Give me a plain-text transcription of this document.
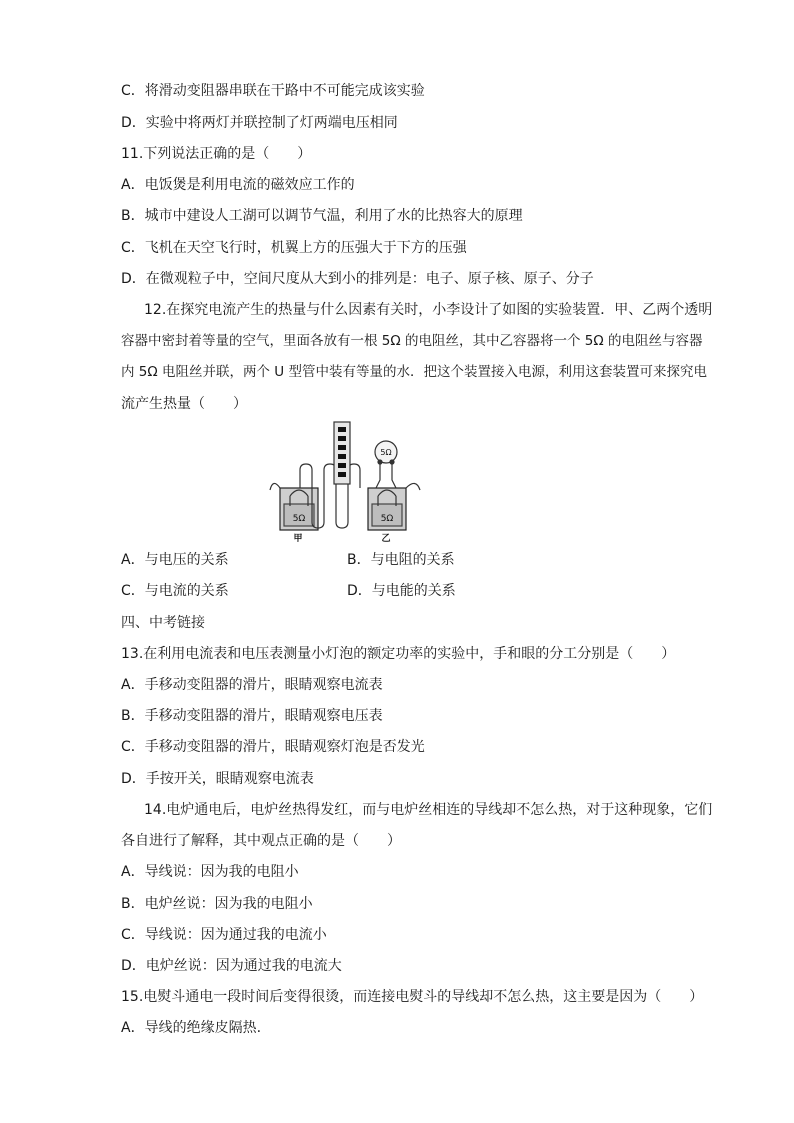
C．将滑动变阻器串联在干路中不可能完成该实验
D．实验中将两灯并联控制了灯两端电压相同
11.下列说法正确的是（　　）
A．电饭煲是利用电流的磁效应工作的
B．城市中建设人工湖可以调节气温，利用了水的比热容大的原理
C．飞机在天空飞行时，机翼上方的压强大于下方的压强
D．在微观粒子中，空间尺度从大到小的排列是：电子、原子核、原子、分子
12.在探究电流产生的热量与什么因素有关时，小李设计了如图的实验装置．甲、乙两个透明
容器中密封着等量的空气，里面各放有一根 5Ω 的电阻丝，其中乙容器将一个 5Ω 的电阻丝与容器
内 5Ω 电阻丝并联，两个 U 型管中装有等量的水．把这个装置接入电源，利用这套装置可来探究电
流产生热量（　　）
5Ω	5Ω
5Ω
甲	乙
A．与电压的关系	B．与电阻的关系
C．与电流的关系	D．与电能的关系
四、中考链接
13.在利用电流表和电压表测量小灯泡的额定功率的实验中，手和眼的分工分别是（　　）
A．手移动变阻器的滑片，眼睛观察电流表
B．手移动变阻器的滑片，眼睛观察电压表
C．手移动变阻器的滑片，眼睛观察灯泡是否发光
D．手按开关，眼睛观察电流表
14.电炉通电后，电炉丝热得发红，而与电炉丝相连的导线却不怎么热，对于这种现象，它们
各自进行了解释，其中观点正确的是（　　）
A．导线说：因为我的电阻小
B．电炉丝说：因为我的电阻小
C．导线说：因为通过我的电流小
D．电炉丝说：因为通过我的电流大
15.电熨斗通电一段时间后变得很烫，而连接电熨斗的导线却不怎么热，这主要是因为（　　）
A．导线的绝缘皮隔热.
